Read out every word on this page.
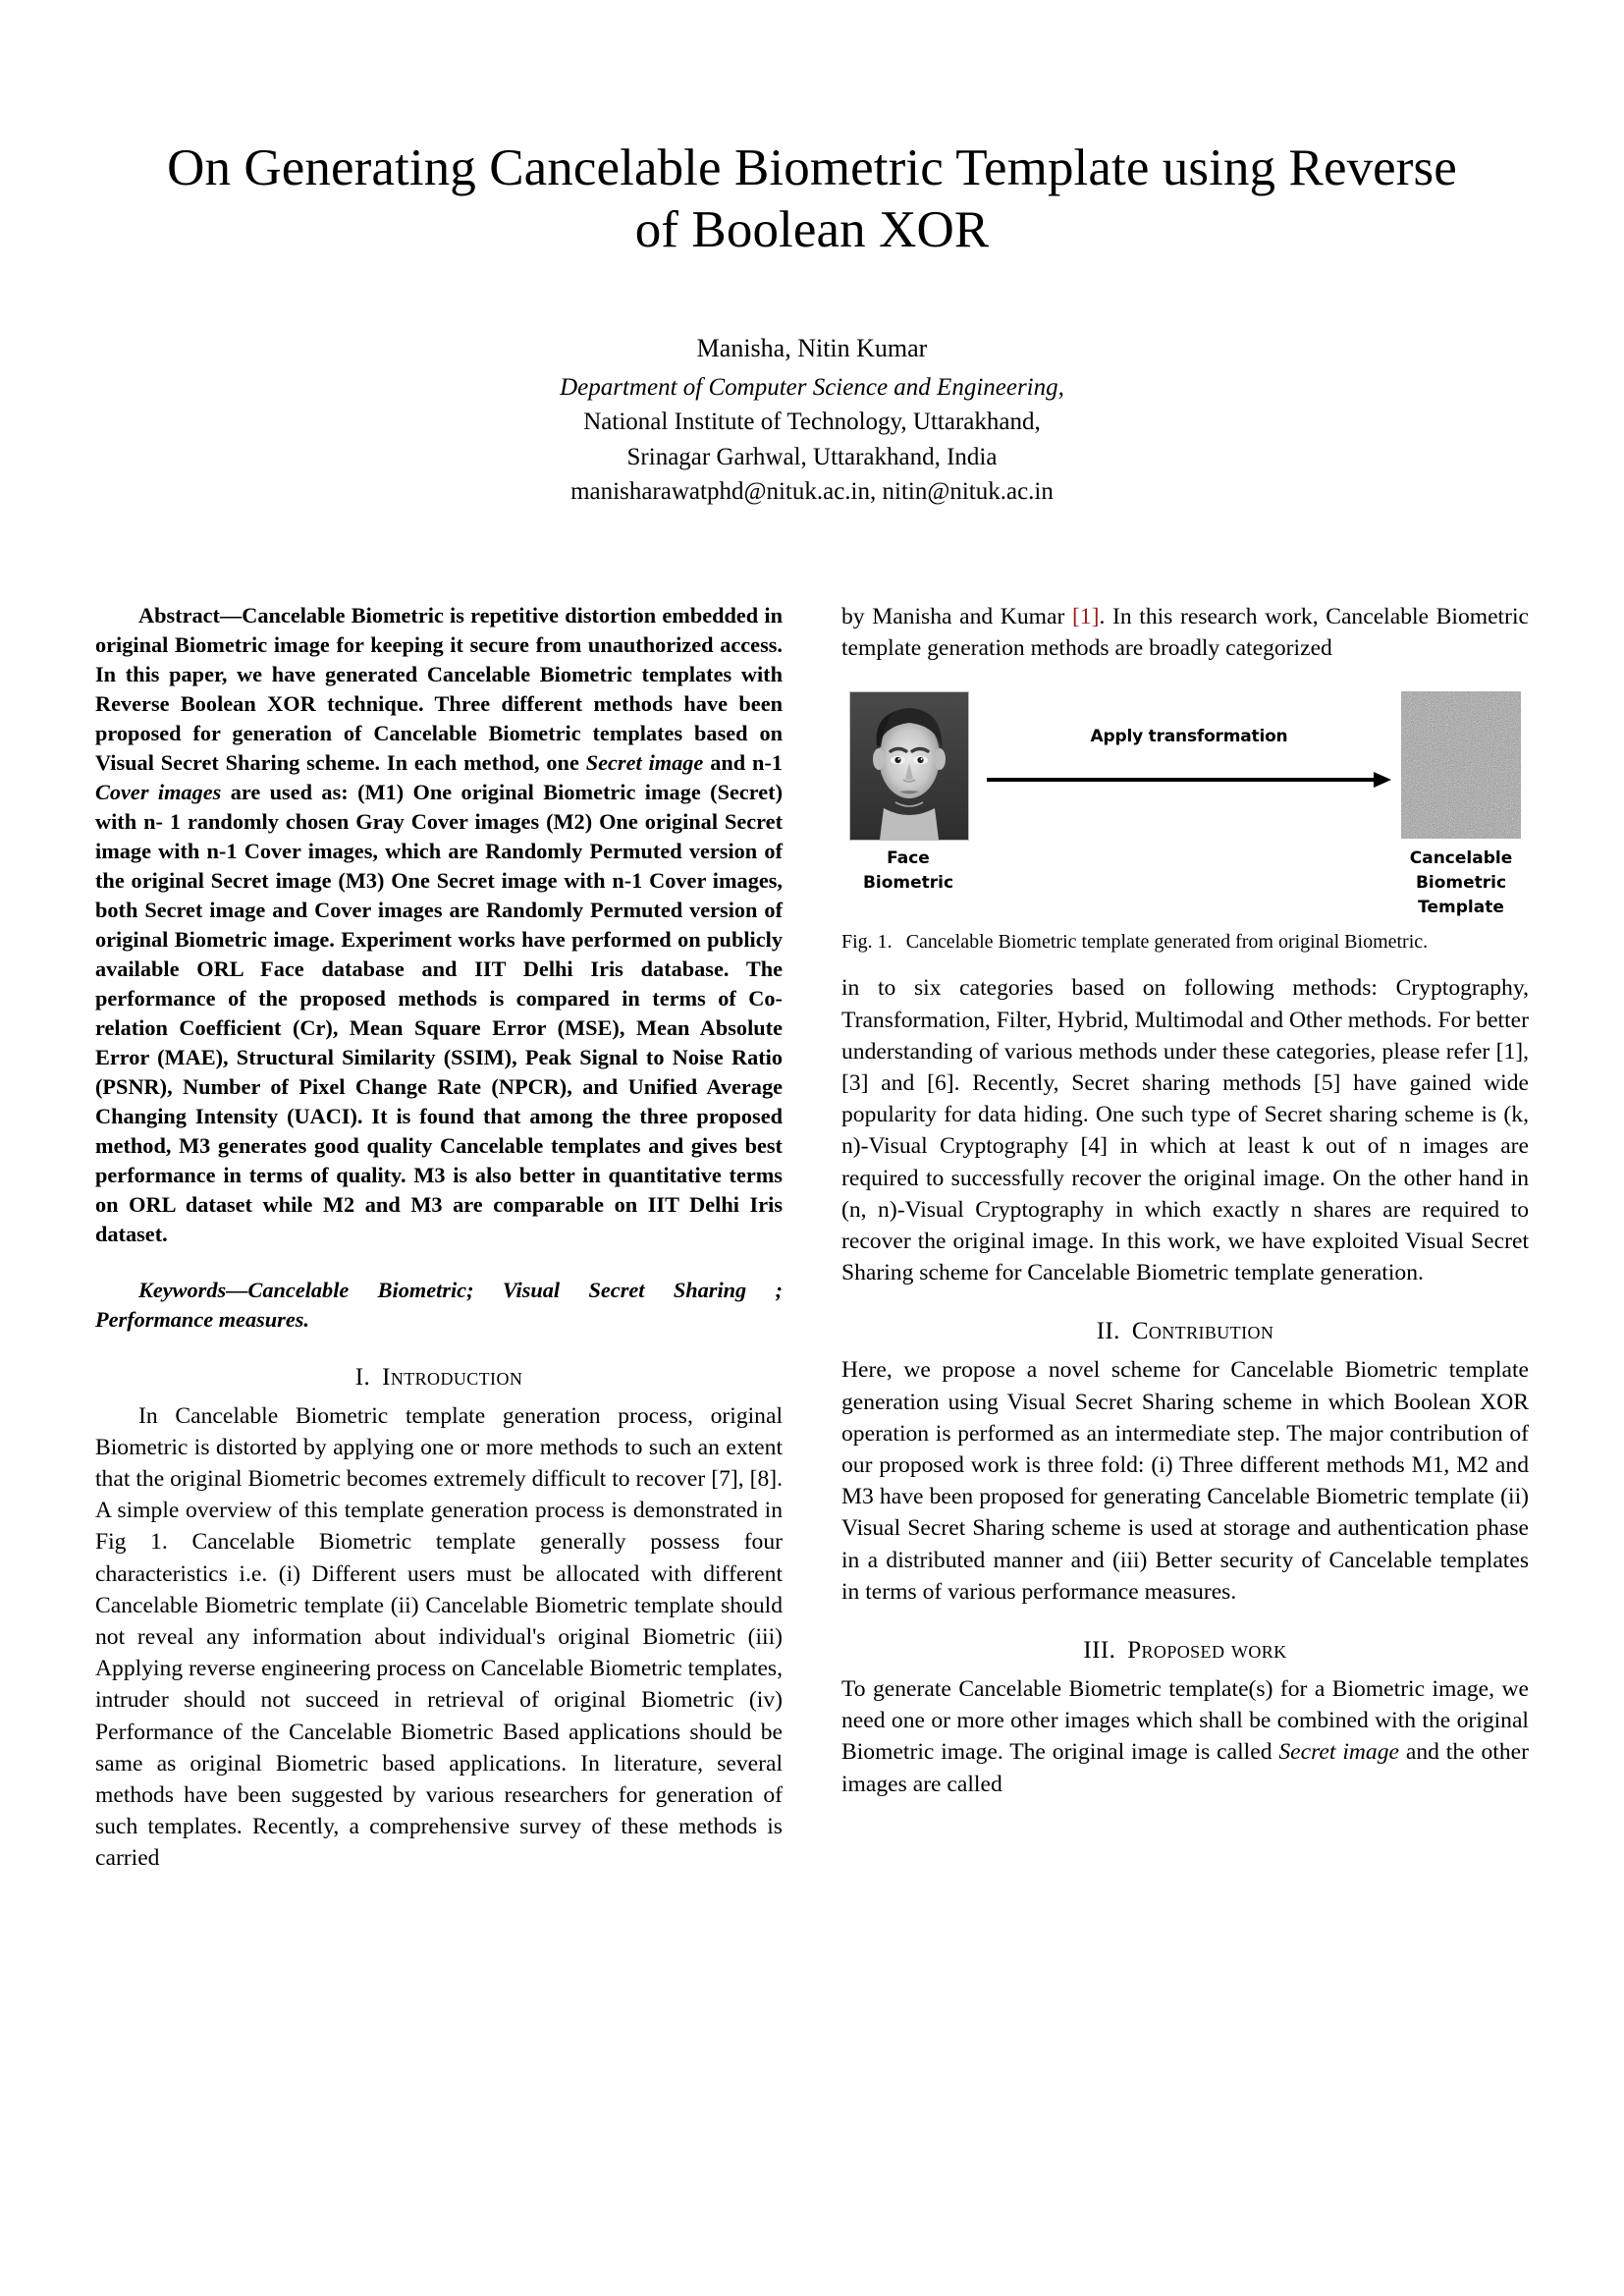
On Generating Cancelable Biometric Template using Reverse of Boolean XOR
Manisha, Nitin Kumar
Department of Computer Science and Engineering,
National Institute of Technology, Uttarakhand,
Srinagar Garhwal, Uttarakhand, India
manisharawatphd@nituk.ac.in, nitin@nituk.ac.in

Abstract—Cancelable Biometric is repetitive distortion embedded in original Biometric image for keeping it secure from unauthorized access. In this paper, we have generated Cancelable Biometric templates with Reverse Boolean XOR technique. Three different methods have been proposed for generation of Cancelable Biometric templates based on Visual Secret Sharing scheme. In each method, one Secret image and n-1 Cover images are used as: (M1) One original Biometric image (Secret) with n- 1 randomly chosen Gray Cover images (M2) One original Secret image with n-1 Cover images, which are Randomly Permuted version of the original Secret image (M3) One Secret image with n-1 Cover images, both Secret image and Cover images are Randomly Permuted version of original Biometric image. Experiment works have performed on publicly available ORL Face database and IIT Delhi Iris database. The performance of the proposed methods is compared in terms of Co-relation Coefficient (Cr), Mean Square Error (MSE), Mean Absolute Error (MAE), Structural Similarity (SSIM), Peak Signal to Noise Ratio (PSNR), Number of Pixel Change Rate (NPCR), and Unified Average Changing Intensity (UACI). It is found that among the three proposed method, M3 generates good quality Cancelable templates and gives best performance in terms of quality. M3 is also better in quantitative terms on ORL dataset while M2 and M3 are comparable on IIT Delhi Iris dataset.

Keywords—Cancelable Biometric; Visual Secret Sharing ; Performance measures.

I. Introduction

In Cancelable Biometric template generation process, original Biometric is distorted by applying one or more methods to such an extent that the original Biometric becomes extremely difficult to recover [7], [8]. A simple overview of this template generation process is demonstrated in Fig 1. Cancelable Biometric template generally possess four characteristics i.e. (i) Different users must be allocated with different Cancelable Biometric template (ii) Cancelable Biometric template should not reveal any information about individual's original Biometric (iii) Applying reverse engineering process on Cancelable Biometric templates, intruder should not succeed in retrieval of original Biometric (iv) Performance of the Cancelable Biometric Based applications should be same as original Biometric based applications. In literature, several methods have been suggested by various researchers for generation of such templates. Recently, a comprehensive survey of these methods is carried

by Manisha and Kumar [1]. In this research work, Cancelable Biometric template generation methods are broadly categorized

Apply transformation
Face
Biometric
Cancelable
Biometric
Template
Fig. 1. Cancelable Biometric template generated from original Biometric.

in to six categories based on following methods: Cryptography, Transformation, Filter, Hybrid, Multimodal and Other methods. For better understanding of various methods under these categories, please refer [1], [3] and [6]. Recently, Secret sharing methods [5] have gained wide popularity for data hiding. One such type of Secret sharing scheme is (k, n)-Visual Cryptography [4] in which at least k out of n images are required to successfully recover the original image. On the other hand in (n, n)-Visual Cryptography in which exactly n shares are required to recover the original image. In this work, we have exploited Visual Secret Sharing scheme for Cancelable Biometric template generation.

II. Contribution

Here, we propose a novel scheme for Cancelable Biometric template generation using Visual Secret Sharing scheme in which Boolean XOR operation is performed as an intermediate step. The major contribution of our proposed work is three fold: (i) Three different methods M1, M2 and M3 have been proposed for generating Cancelable Biometric template (ii) Visual Secret Sharing scheme is used at storage and authentication phase in a distributed manner and (iii) Better security of Cancelable templates in terms of various performance measures.

III. Proposed work

To generate Cancelable Biometric template(s) for a Biometric image, we need one or more other images which shall be combined with the original Biometric image. The original image is called Secret image and the other images are called
